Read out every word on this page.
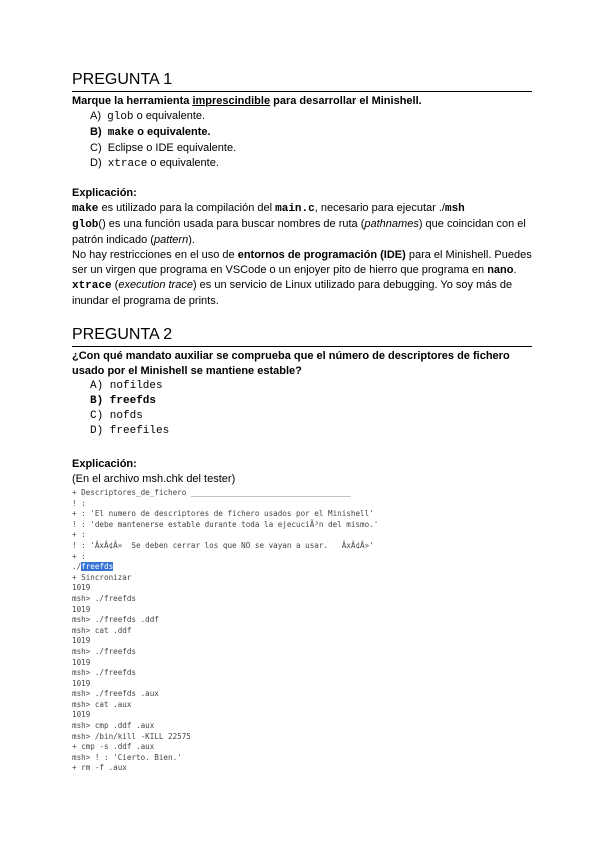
PREGUNTA 1

Marque la herramienta imprescindible para desarrollar el Minishell.

A) glob o equivalente.
B) make o equivalente.
C) Eclipse o IDE equivalente.
D) xtrace o equivalente.
Explicación:
make es utilizado para la compilación del main.c, necesario para ejecutar ./msh
glob() es una función usada para buscar nombres de ruta (pathnames) que coincidan con el patrón indicado (pattern).
No hay restricciones en el uso de entornos de programación (IDE) para el Minishell. Puedes ser un virgen que programa en VSCode o un enjoyer pito de hierro que programa en nano.
xtrace (execution trace) es un servicio de Linux utilizado para debugging. Yo soy más de inundar el programa de prints.
PREGUNTA 2

¿Con qué mandato auxiliar se comprueba que el número de descriptores de fichero usado por el Minishell se mantiene estable?

A) nofildes
B) freefds
C) nofds
D) freefiles
Explicación:
(En el archivo msh.chk del tester)
+ Descriptores_de_fichero ___________________________________
! :
+ : 'El numero de descriptores de fichero usados por el Minishell'
! : 'debe mantenerse estable durante toda la ejecuciÃ³n del mismo.'
+ :
! : 'ÂxÂ¢Â»  Se deben cerrar los que NO se vayan a usar.   ÂxÂ¢Â»'
+ :
./freefds
+ Sincronizar
1019
msh> ./freefds
1019
msh> ./freefds .ddf
msh> cat .ddf
1019
msh> ./freefds
1019
msh> ./freefds
1019
msh> ./freefds .aux
msh> cat .aux
1019
msh> cmp .ddf .aux
msh> /bin/kill -KILL 22575
+ cmp -s .ddf .aux
msh> ! : 'Cierto. Bien.'
+ rm -f .aux
